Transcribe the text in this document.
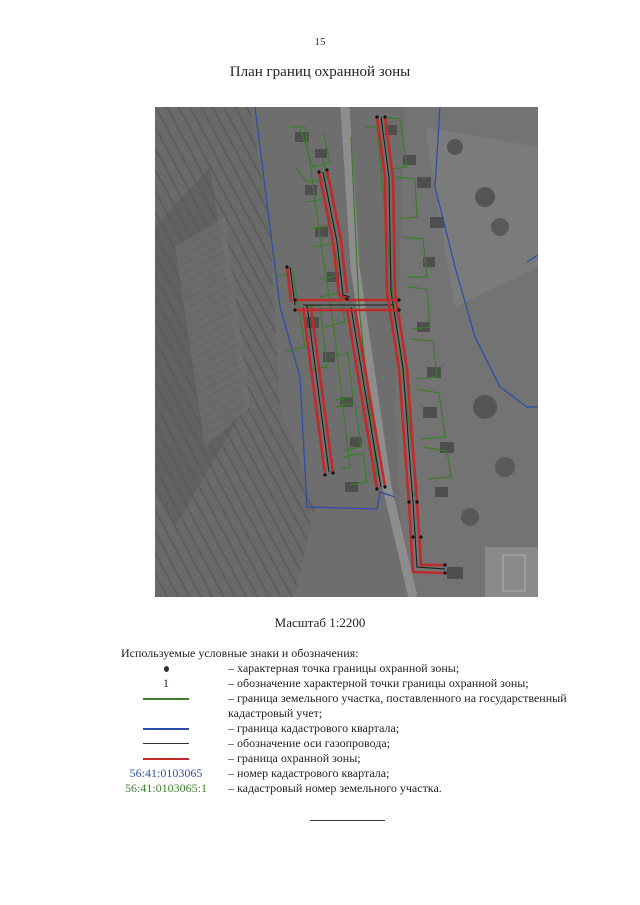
15
План границ охранной зоны
Масштаб 1:2200
Используемые условные знаки и обозначения:
– характерная точка границы охранной зоны;
1	– обозначение характерной точки границы охранной зоны;
– граница земельного участка, поставленного на государственный кадастровый учет;
– граница кадастрового квартала;
– обозначение оси газопровода;
– граница охранной зоны;
56:41:0103065	– номер кадастрового квартала;
56:41:0103065:1	– кадастровый номер земельного участка.
